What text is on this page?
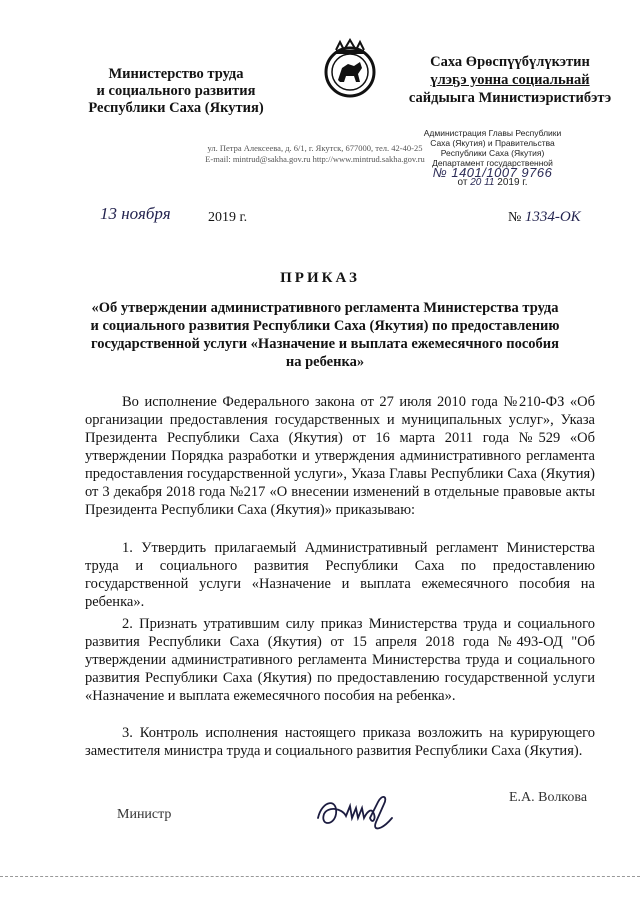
Министерство труда
и социального развития
Республики Саха (Якутия)
Саха Өрөспүүбүлүкэтин
үлэҕэ уонна социальнай
сайдыыга Министиэристибэтэ
ул. Петра Алексеева, д. 6/1, г. Якутск, 677000, тел. 42-40-25
E-mail: mintrud@sakha.gov.ru http://www.mintrud.sakha.gov.ru
Администрация Главы Республики
Саха (Якутия) и Правительства
Республики Саха (Якутия)
Департамент государственной
№ 1401/1007 9766
от 20 11 2019 г.
13 ноября	2019 г.	№ 1334-ОК
ПРИКАЗ
«Об утверждении административного регламента Министерства труда
и социального развития Республики Саха (Якутия) по предоставлению
государственной услуги «Назначение и выплата ежемесячного пособия
на ребенка»
Во исполнение Федерального закона от 27 июля 2010 года №210-ФЗ «Об организации предоставления государственных и муниципальных услуг», Указа Президента Республики Саха (Якутия) от 16 марта 2011 года №529 «Об утверждении Порядка разработки и утверждения административного регламента предоставления государственной услуги», Указа Главы Республики Саха (Якутия) от 3 декабря 2018 года №217 «О внесении изменений в отдельные правовые акты Президента Республики Саха (Якутия)» приказываю:
1. Утвердить прилагаемый Административный регламент Министерства труда и социального развития Республики Саха по предоставлению государственной услуги «Назначение и выплата ежемесячного пособия на ребенка».
2. Признать утратившим силу приказ Министерства труда и социального развития Республики Саха (Якутия) от 15 апреля 2018 года №493-ОД "Об утверждении административного регламента Министерства труда и социального развития Республики Саха (Якутия) по предоставлению государственной услуги «Назначение и выплата ежемесячного пособия на ребенка».
3. Контроль исполнения настоящего приказа возложить на курирующего заместителя министра труда и социального развития Республики Саха (Якутия).
Министр
Е.А. Волкова
